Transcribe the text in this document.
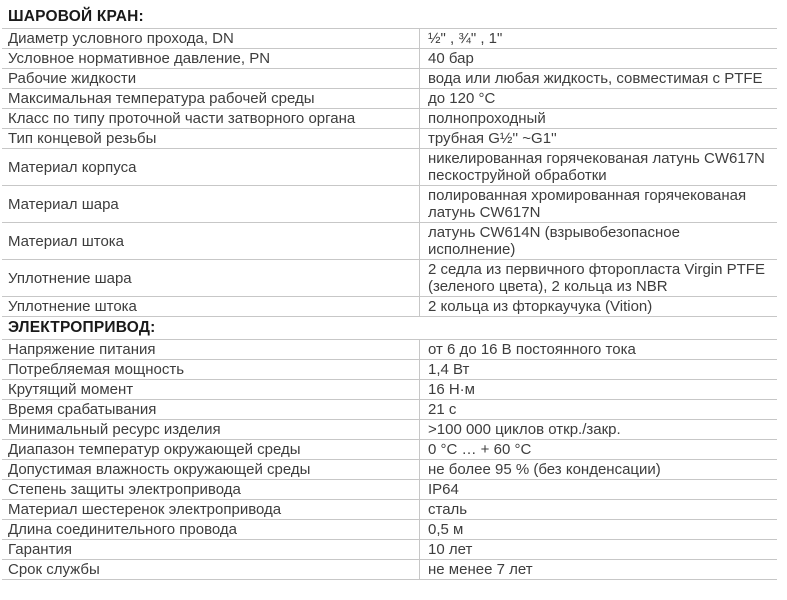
ШАРОВОЙ КРАН:
Диаметр условного прохода, DN	½" , ¾" , 1"
Условное нормативное давление, PN	40 бар
Рабочие жидкости	вода или любая жидкость, совместимая с PTFE
Максимальная температура рабочей среды	до 120 °C
Класс по типу проточной части затворного органа	полнопроходный
Тип концевой резьбы	трубная G½'' ~G1''
Материал корпуса	никелированная горячекованая латунь CW617N пескоструйной обработки
Материал шара	полированная хромированная горячекованая латунь CW617N
Материал штока	латунь CW614N (взрывобезопасное исполнение)
Уплотнение шара	2 седла из первичного фторопласта Virgin PTFE (зеленого цвета), 2 кольца из NBR
Уплотнение штока	2 кольца из фторкаучука (Vition)
ЭЛЕКТРОПРИВОД:
Напряжение питания	от 6 до 16 В постоянного тока
Потребляемая мощность	1,4 Вт
Крутящий момент	16 Н·м
Время срабатывания	21 с
Минимальный ресурс изделия	>100 000 циклов откр./закр.
Диапазон температур окружающей среды	0 °C … + 60 °C
Допустимая влажность окружающей среды	не более 95 % (без конденсации)
Степень защиты электропривода	IP64
Материал шестеренок электропривода	сталь
Длина соединительного провода	0,5 м
Гарантия	10 лет
Срок службы	не менее 7 лет
